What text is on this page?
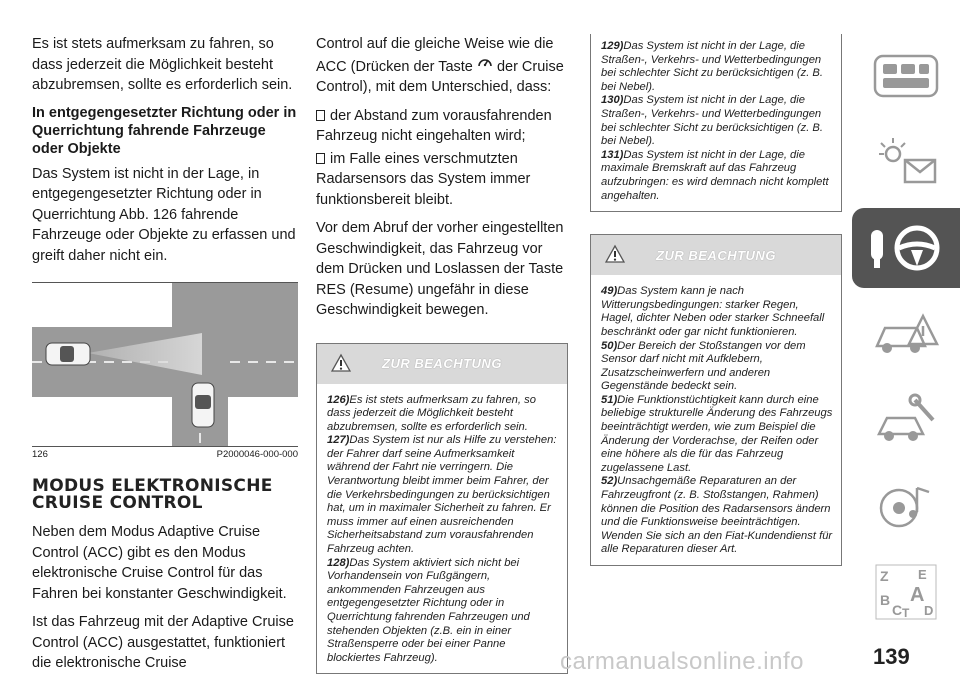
Es ist stets aufmerksam zu fahren, so dass jederzeit die Möglichkeit besteht abzubremsen, sollte es erforderlich sein.

In entgegengesetzter Richtung oder in Querrichtung fahrende Fahrzeuge oder Objekte

Das System ist nicht in der Lage, in entgegengesetzter Richtung oder in Querrichtung Abb. 126 fahrende Fahrzeuge oder Objekte zu erfassen und greift daher nicht ein.

126	P2000046-000-000
MODUS ELEKTRONISCHE
CRUISE CONTROL

Neben dem Modus Adaptive Cruise Control (ACC) gibt es den Modus elektronische Cruise Control für das Fahren bei konstanter Geschwindigkeit.

Ist das Fahrzeug mit der Adaptive Cruise Control (ACC) ausgestattet, funktioniert die elektronische Cruise

Control auf die gleiche Weise wie die ACC (Drücken der Taste der Cruise Control), mit dem Unterschied, dass:

der Abstand zum vorausfahrenden Fahrzeug nicht eingehalten wird;

im Falle eines verschmutzten Radarsensors das System immer funktionsbereit bleibt.

Vor dem Abruf der vorher eingestellten Geschwindigkeit, das Fahrzeug vor dem Drücken und Loslassen der Taste RES (Resume) ungefähr in diese Geschwindigkeit bewegen.

ZUR BEACHTUNG

126)Es ist stets aufmerksam zu fahren, so dass jederzeit die Möglichkeit besteht abzubremsen, sollte es erforderlich sein.

127)Das System ist nur als Hilfe zu verstehen: der Fahrer darf seine Aufmerksamkeit während der Fahrt nie verringern. Die Verantwortung bleibt immer beim Fahrer, der die Verkehrsbedingungen zu berücksichtigen hat, um in maximaler Sicherheit zu fahren. Er muss immer auf einen ausreichenden Sicherheitsabstand zum vorausfahrenden Fahrzeug achten.

128)Das System aktiviert sich nicht bei Vorhandensein von Fußgängern, ankommenden Fahrzeugen aus entgegengesetzter Richtung oder in Querrichtung fahrenden Fahrzeugen und stehenden Objekten (z.B. ein in einer Straßensperre oder bei einer Panne blockiertes Fahrzeug).

129)Das System ist nicht in der Lage, die Straßen-, Verkehrs- und Wetterbedingungen bei schlechter Sicht zu berücksichtigen (z. B. bei Nebel).

130)Das System ist nicht in der Lage, die Straßen-, Verkehrs- und Wetterbedingungen bei schlechter Sicht zu berücksichtigen (z. B. bei Nebel).

131)Das System ist nicht in der Lage, die maximale Bremskraft auf das Fahrzeug aufzubringen: es wird demnach nicht komplett angehalten.

ZUR BEACHTUNG

49)Das System kann je nach Witterungsbedingungen: starker Regen, Hagel, dichter Neben oder starker Schneefall beschränkt oder gar nicht funktionieren.

50)Der Bereich der Stoßstangen vor dem Sensor darf nicht mit Aufklebern, Zusatzscheinwerfern und anderen Gegenstände bedeckt sein.

51)Die Funktionstüchtigkeit kann durch eine beliebige strukturelle Änderung des Fahrzeugs beeinträchtigt werden, wie zum Beispiel die Änderung der Vorderachse, der Reifen oder eine höhere als die für das Fahrzeug zugelassene Last.

52)Unsachgemäße Reparaturen an der Fahrzeugfront (z. B. Stoßstangen, Rahmen) können die Position des Radarsensors ändern und die Funktionsweise beeinträchtigen. Wenden Sie sich an den Fiat-Kundendienst für alle Reparaturen dieser Art.

Z E
B A
C T D
carmanualsonline.info	139
